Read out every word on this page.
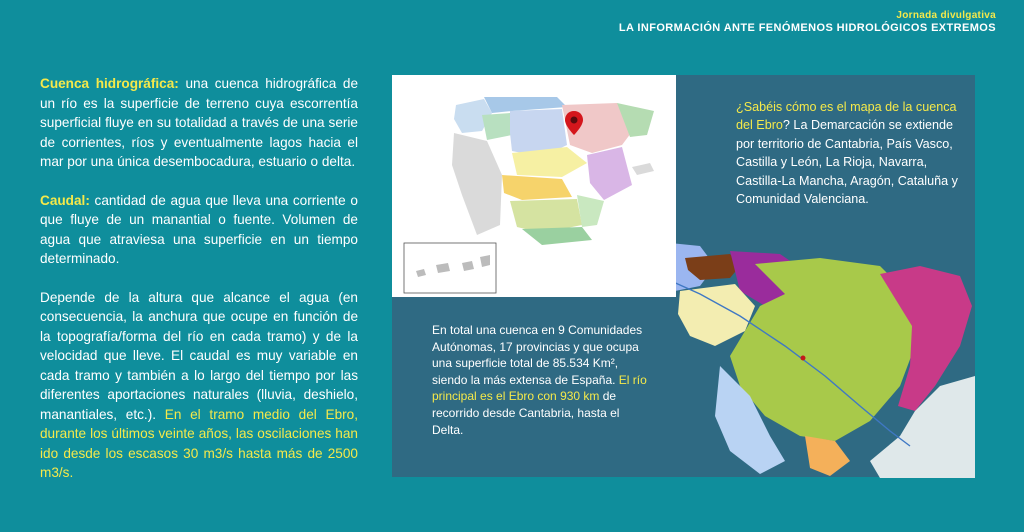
Jornada divulgativa
LA INFORMACIÓN ANTE FENÓMENOS HIDROLÓGICOS EXTREMOS

Cuenca hidrográfica: una cuenca hidrográfica de un río es la superficie de terreno cuya escorrentía superficial fluye en su totalidad a través de una serie de corrientes, ríos y eventualmente lagos hacia el mar por una única desembocadura, estuario o delta.

Caudal: cantidad de agua que lleva una corriente o que fluye de un manantial o fuente. Volumen de agua que atraviesa una superficie en un tiempo determinado.

Depende de la altura que alcance el agua (en consecuencia, la anchura que ocupe en función de la topografía/forma del río en cada tramo) y de la velocidad que lleve. El caudal es muy variable en cada tramo y también a lo largo del tiempo por las diferentes aportaciones naturales (lluvia, deshielo, manantiales, etc.). En el tramo medio del Ebro, durante los últimos veinte años, las oscilaciones han ido desde los escasos 30 m3/s hasta más de 2500 m3/s.

¿Sabéis cómo es el mapa de la cuenca del Ebro? La Demarcación se extiende por territorio de Cantabria, País Vasco, Castilla y León, La Rioja, Navarra, Castilla-La Mancha, Aragón, Cataluña y Comunidad Valenciana.
En total una cuenca en 9 Comunidades Autónomas, 17 provincias y que ocupa una superficie total de 85.534 Km², siendo la más extensa de España. El río principal es el Ebro con 930 km de recorrido desde Cantabria, hasta el Delta.
